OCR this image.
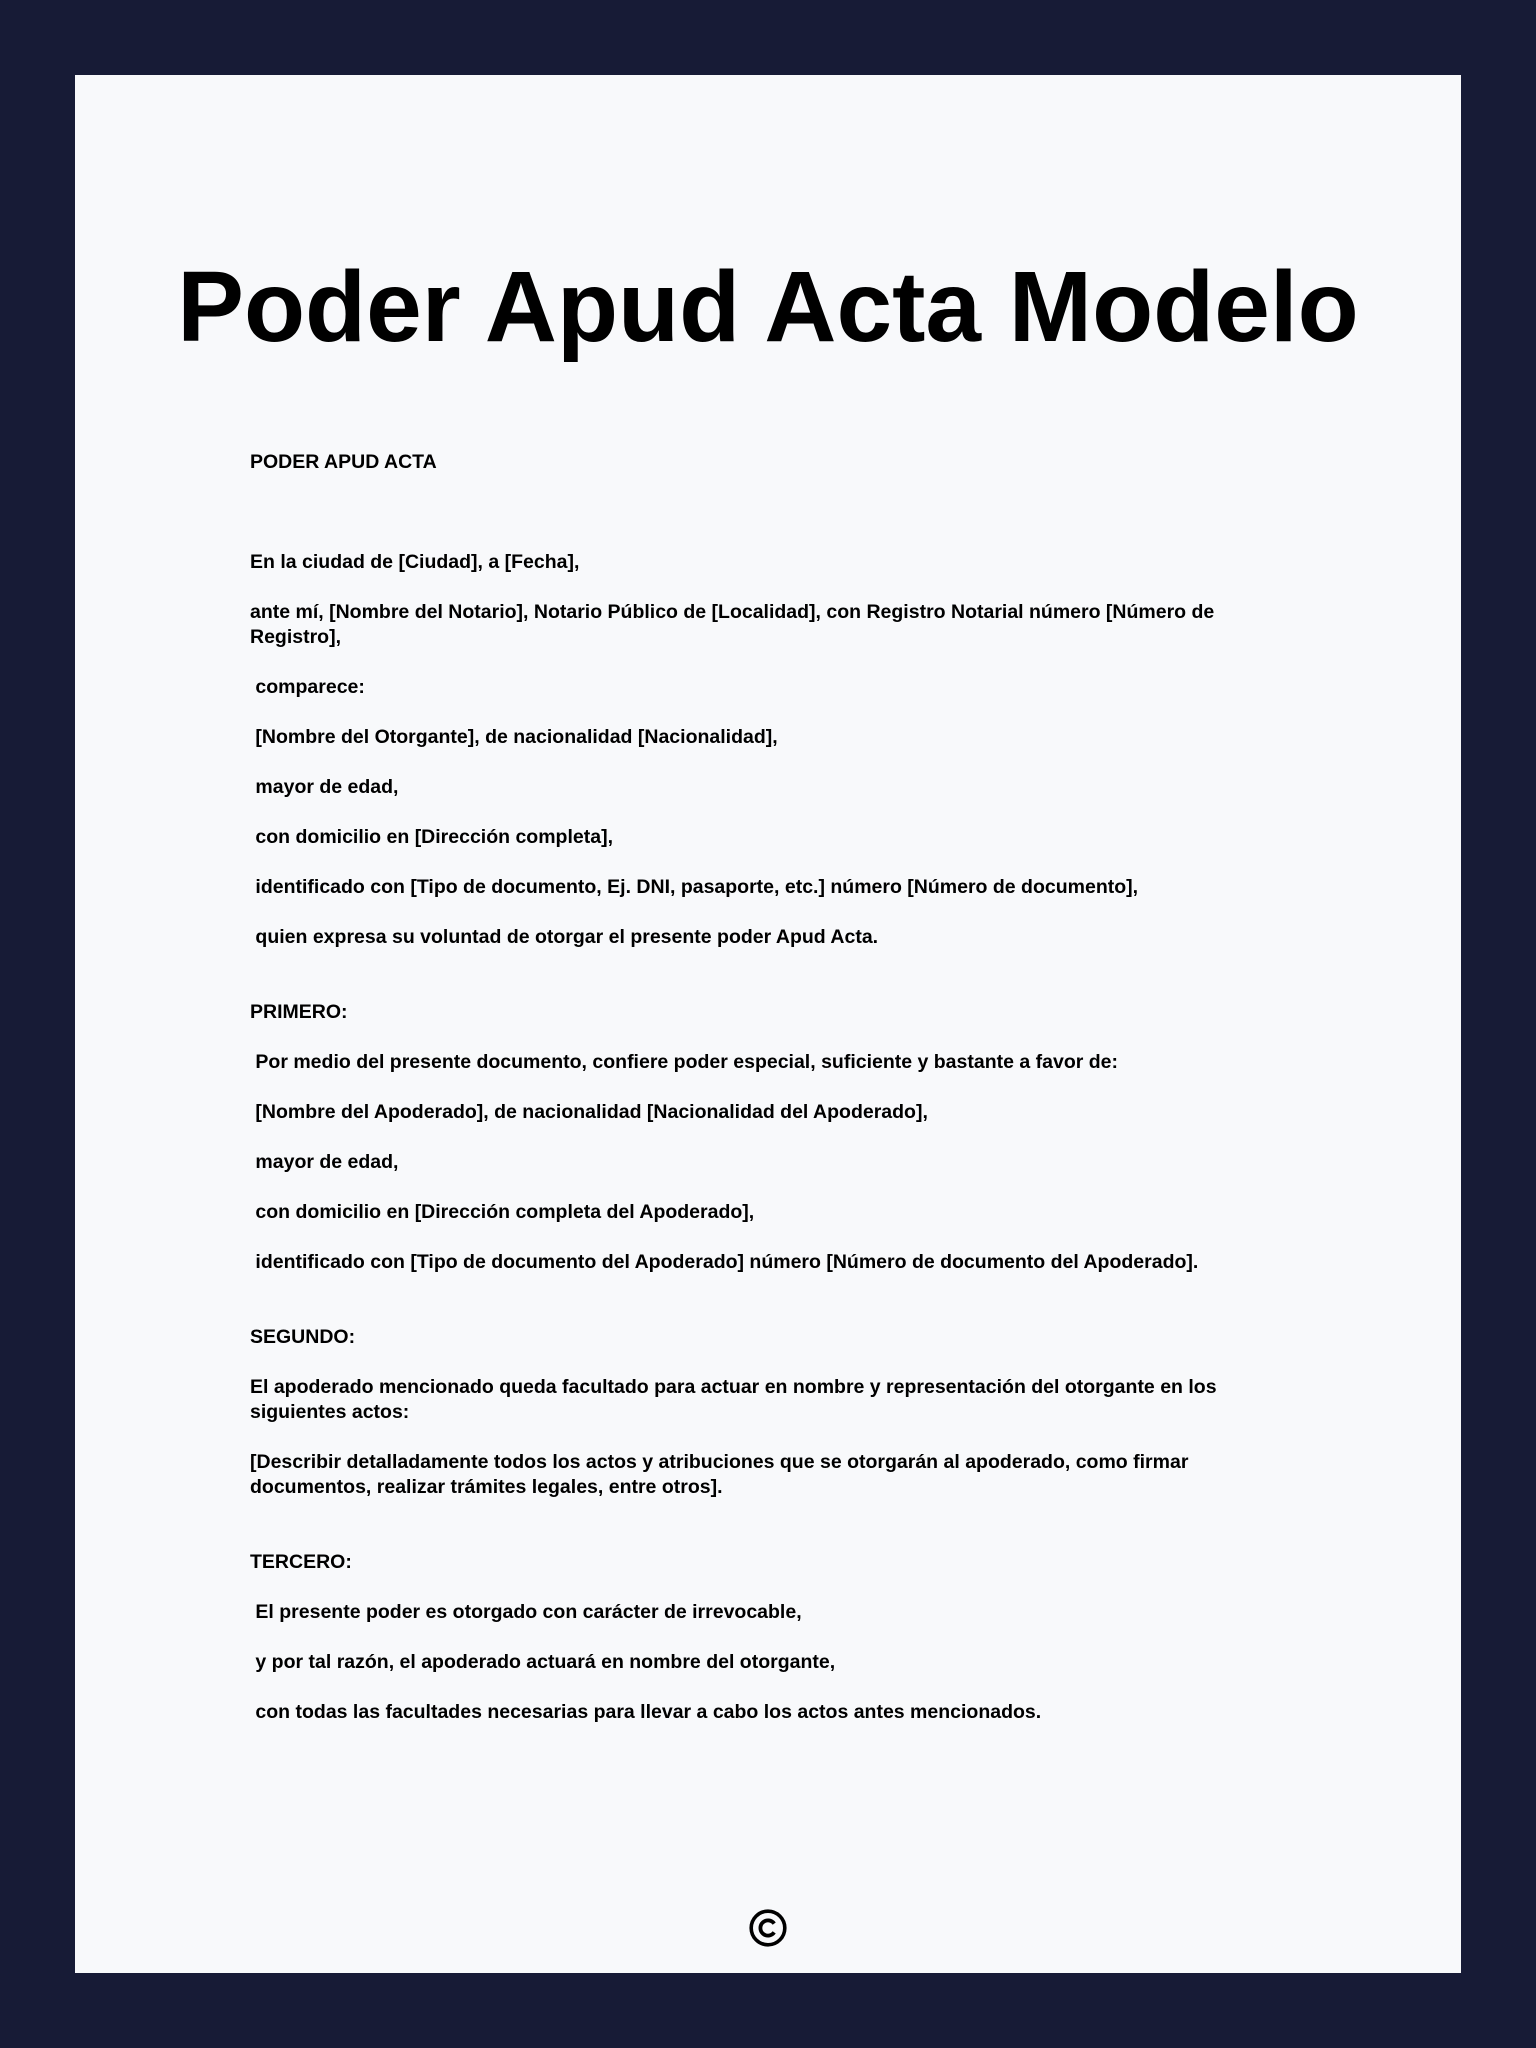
Poder Apud Acta Modelo

PODER APUD ACTA

En la ciudad de [Ciudad], a [Fecha],

ante mí, [Nombre del Notario], Notario Público de [Localidad], con Registro Notarial número [Número de Registro],

comparece:

[Nombre del Otorgante], de nacionalidad [Nacionalidad],

mayor de edad,

con domicilio en [Dirección completa],

identificado con [Tipo de documento, Ej. DNI, pasaporte, etc.] número [Número de documento],

quien expresa su voluntad de otorgar el presente poder Apud Acta.

PRIMERO:

Por medio del presente documento, confiere poder especial, suficiente y bastante a favor de:

[Nombre del Apoderado], de nacionalidad [Nacionalidad del Apoderado],

mayor de edad,

con domicilio en [Dirección completa del Apoderado],

identificado con [Tipo de documento del Apoderado] número [Número de documento del Apoderado].

SEGUNDO:

El apoderado mencionado queda facultado para actuar en nombre y representación del otorgante en los siguientes actos:

[Describir detalladamente todos los actos y atribuciones que se otorgarán al apoderado, como firmar documentos, realizar trámites legales, entre otros].

TERCERO:

El presente poder es otorgado con carácter de irrevocable,

y por tal razón, el apoderado actuará en nombre del otorgante,

con todas las facultades necesarias para llevar a cabo los actos antes mencionados.
